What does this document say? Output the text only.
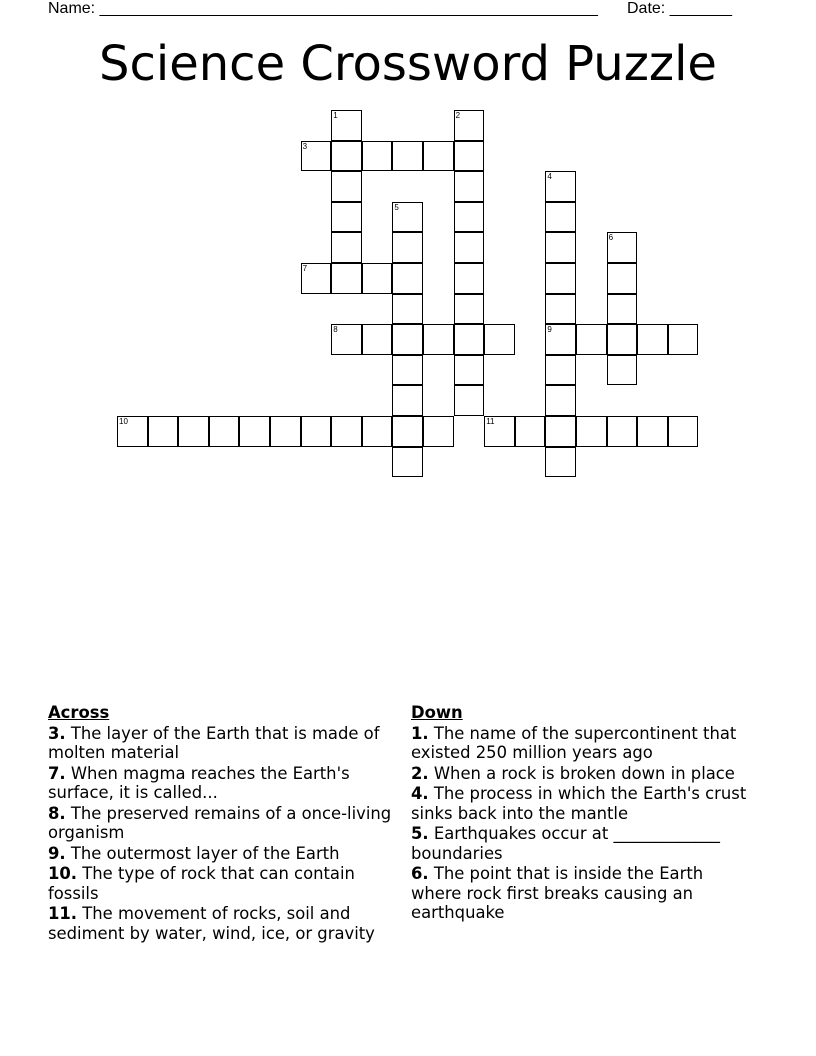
Name: ________________________________________________________ Date: _______
Science Crossword Puzzle
1	2
3
4
9
5
6
7
8
10	11
Across
3. The layer of the Earth that is made of molten material
7. When magma reaches the Earth's surface, it is called...
8. The preserved remains of a once-living organism
9. The outermost layer of the Earth
10. The type of rock that can contain fossils
11. The movement of rocks, soil and sediment by water, wind, ice, or gravity
Down
1. The name of the supercontinent that existed 250 million years ago
2. When a rock is broken down in place
4. The process in which the Earth's crust sinks back into the mantle
5. Earthquakes occur at _____________ boundaries
6. The point that is inside the Earth where rock first breaks causing an earthquake
